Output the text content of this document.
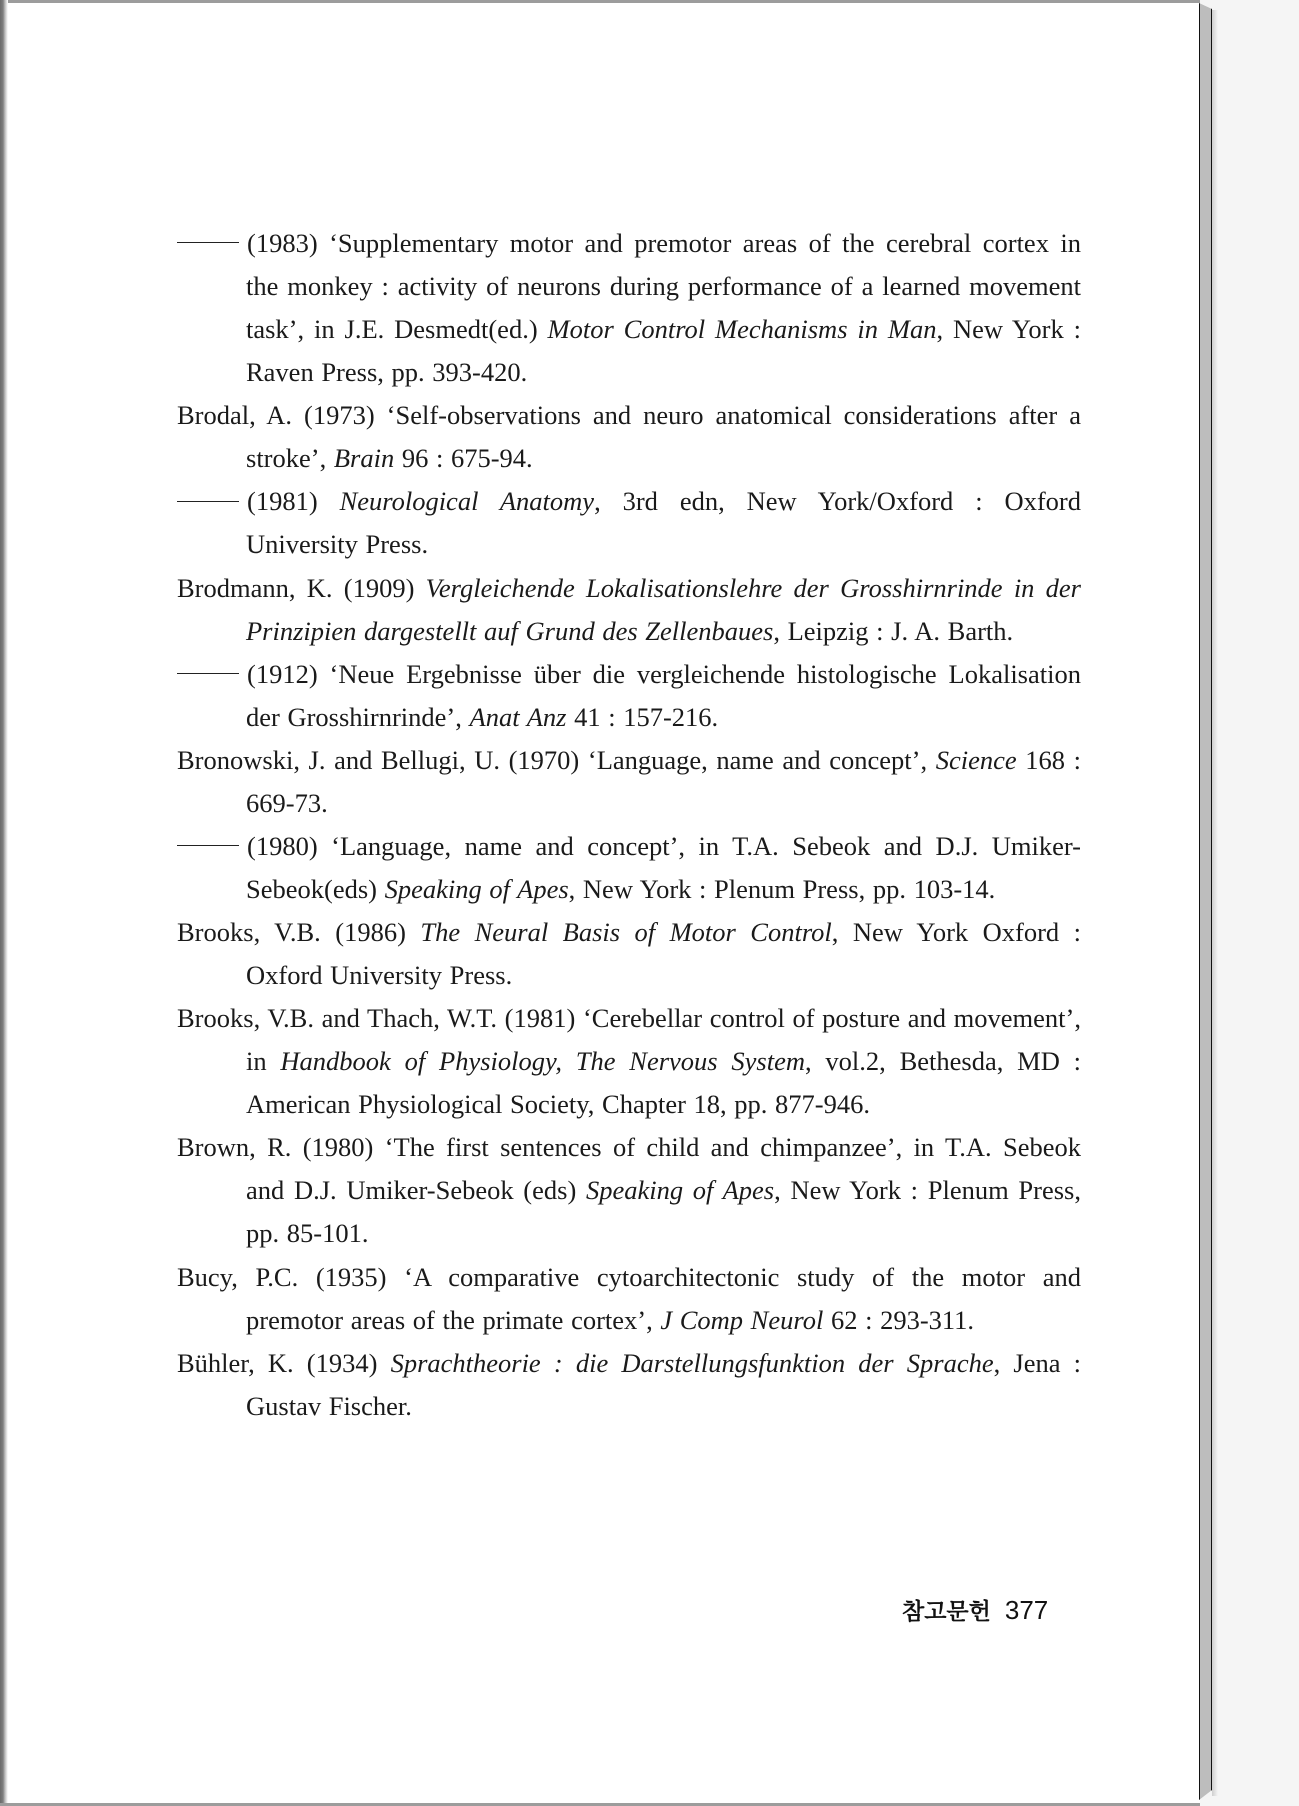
(1983) ‘Supplementary motor and premotor areas of the cerebral cortex in the monkey : activity of neurons during performance of a learned movement task’, in J.E. Desmedt(ed.) Motor Control Mechanisms in Man, New York : Raven Press, pp. 393-420.

Brodal, A. (1973) ‘Self-observations and neuro anatomical considerations after a stroke’, Brain 96 : 675-94.

(1981) Neurological Anatomy, 3rd edn, New York/Oxford : Oxford University Press.

Brodmann, K. (1909) Vergleichende Lokalisationslehre der Grosshirnrinde in der Prinzipien dargestellt auf Grund des Zellenbaues, Leipzig : J. A. Barth.

(1912) ‘Neue Ergebnisse über die vergleichende histologische Lokalisation der Grosshirnrinde’, Anat Anz 41 : 157-216.

Bronowski, J. and Bellugi, U. (1970) ‘Language, name and concept’, Science 168 : 669-73.

(1980) ‘Language, name and concept’, in T.A. Sebeok and D.J. Umiker-Sebeok(eds) Speaking of Apes, New York : Plenum Press, pp. 103-14.

Brooks, V.B. (1986) The Neural Basis of Motor Control, New York Oxford : Oxford University Press.

Brooks, V.B. and Thach, W.T. (1981) ‘Cerebellar control of posture and movement’, in Handbook of Physiology, The Nervous System, vol.2, Bethesda, MD : American Physiological Society, Chapter 18, pp. 877-946.

Brown, R. (1980) ‘The first sentences of child and chimpanzee’, in T.A. Sebeok and D.J. Umiker-Sebeok (eds) Speaking of Apes, New York : Plenum Press, pp. 85-101.

Bucy, P.C. (1935) ‘A comparative cytoarchitectonic study of the motor and premotor areas of the primate cortex’, J Comp Neurol 62 : 293-311.

Bühler, K. (1934) Sprachtheorie : die Darstellungsfunktion der Sprache, Jena : Gustav Fischer.

참고문헌 377
